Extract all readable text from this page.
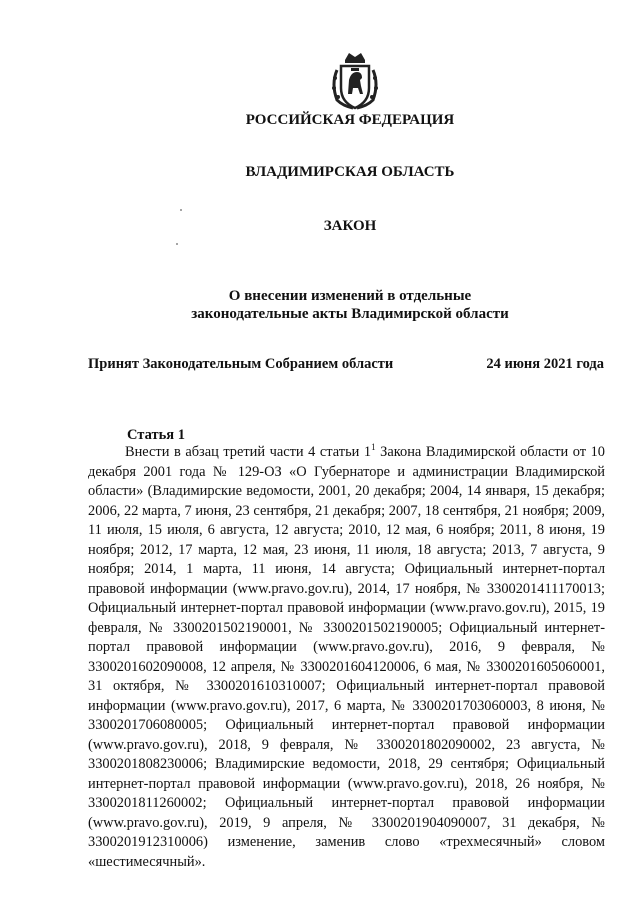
РОССИЙСКАЯ ФЕДЕРАЦИЯ
ВЛАДИМИРСКАЯ ОБЛАСТЬ
ЗАКОН
О внесении изменений в отдельные
законодательные акты Владимирской области
Принят Законодательным Собранием области	24 июня 2021 года
Статья 1
Внести в абзац третий части 4 статьи $1^1$ Закона Владимирской области от 10 декабря 2001 года № 129-ОЗ «О Губернаторе и администрации Владимирской области» (Владимирские ведомости, 2001, 20 декабря; 2004, 14 января, 15 декабря; 2006, 22 марта, 7 июня, 23 сентября, 21 декабря; 2007, 18 сентября, 21 ноября; 2009, 11 июля, 15 июля, 6 августа, 12 августа; 2010, 12 мая, 6 ноября; 2011, 8 июня, 19 ноября; 2012, 17 марта, 12 мая, 23 июня, 11 июля, 18 августа; 2013, 7 августа, 9 ноября; 2014, 1 марта, 11 июня, 14 августа; Официальный интернет-портал правовой информации (www.pravo.gov.ru), 2014, 17 ноября, № 3300201411170013; Официальный интернет-портал правовой информации (www.pravo.gov.ru), 2015, 19 февраля, № 3300201502190001, № 3300201502190005; Официальный интернет-портал правовой информации (www.pravo.gov.ru), 2016, 9 февраля, № 3300201602090008, 12 апреля, № 3300201604120006, 6 мая, № 3300201605060001, 31 октября, № 3300201610310007; Официальный интернет-портал правовой информации (www.pravo.gov.ru), 2017, 6 марта, № 3300201703060003, 8 июня, № 3300201706080005; Официальный интернет-портал правовой информации (www.pravo.gov.ru), 2018, 9 февраля, № 3300201802090002, 23 августа, № 3300201808230006; Владимирские ведомости, 2018, 29 сентября; Официальный интернет-портал правовой информации (www.pravo.gov.ru), 2018, 26 ноября, № 3300201811260002; Официальный интернет-портал правовой информации (www.pravo.gov.ru), 2019, 9 апреля, № 3300201904090007, 31 декабря, № 3300201912310006) изменение, заменив слово «трехмесячный» словом «шестимесячный».
